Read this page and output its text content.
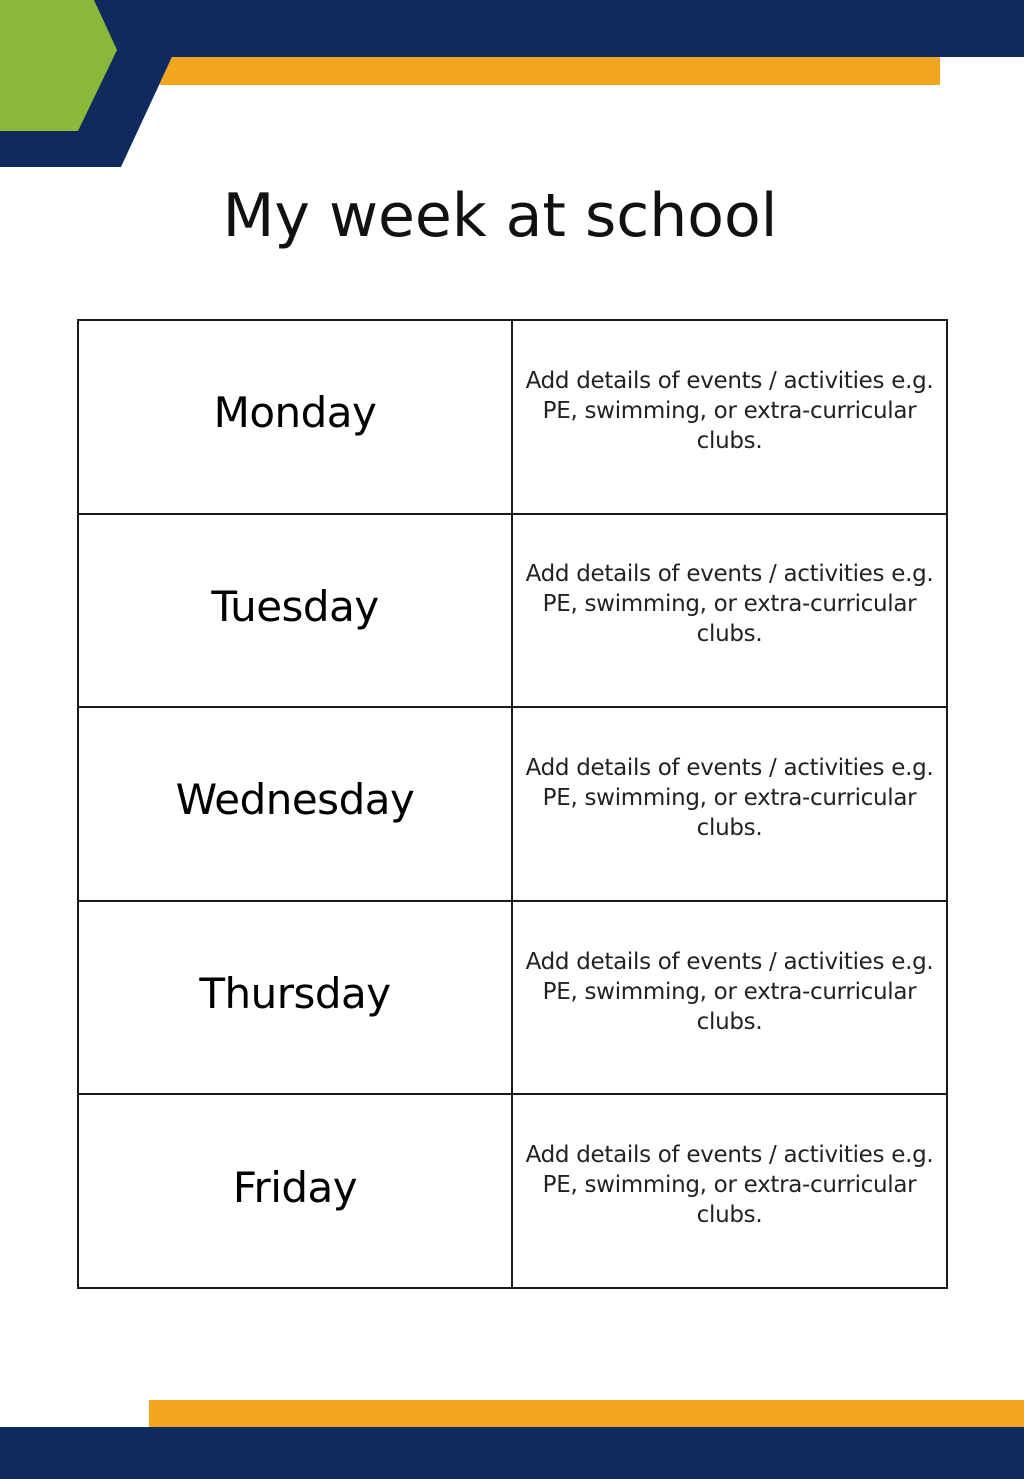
My week at school
Monday	Add details of events / activities e.g. PE, swimming, or extra-curricular clubs.

Tuesday	Add details of events / activities e.g. PE, swimming, or extra-curricular clubs.

Wednesday	Add details of events / activities e.g. PE, swimming, or extra-curricular clubs.

Thursday	Add details of events / activities e.g. PE, swimming, or extra-curricular clubs.

Friday	Add details of events / activities e.g. PE, swimming, or extra-curricular clubs.
